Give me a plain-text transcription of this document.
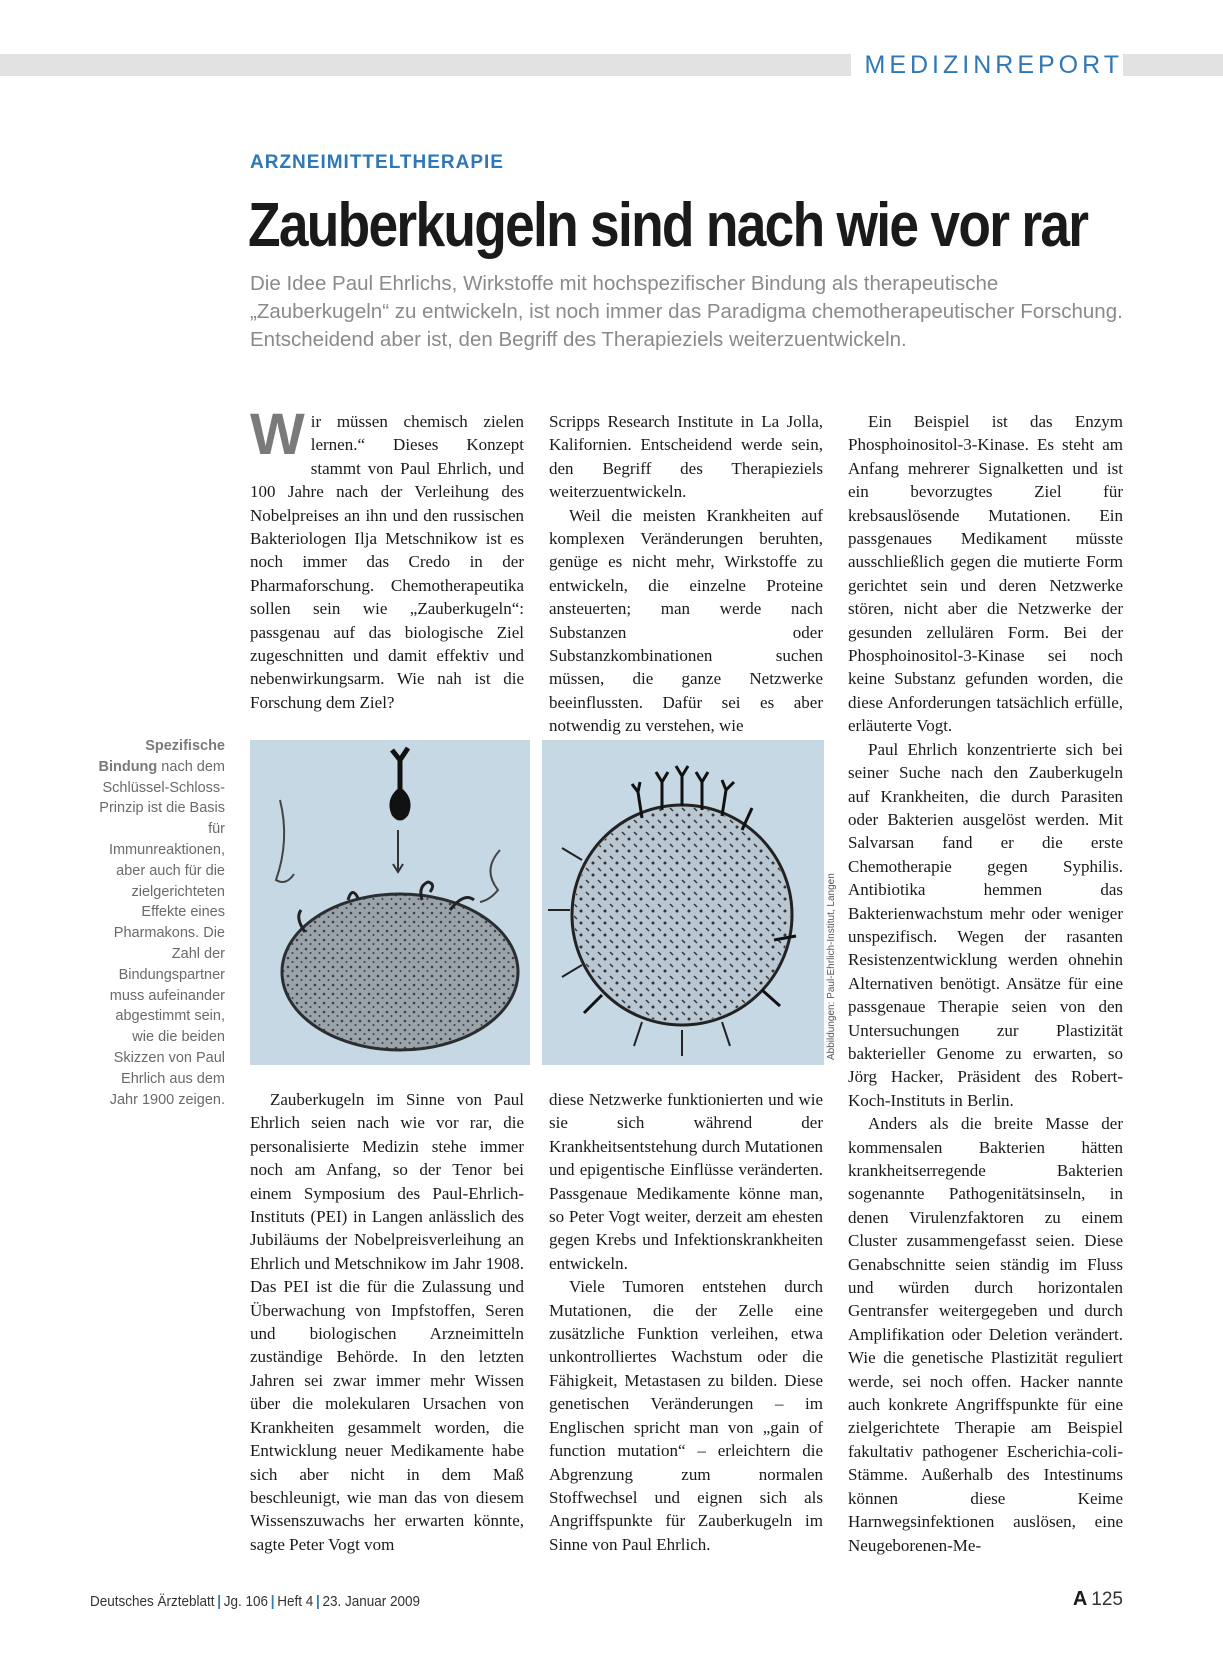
MEDIZINREPORT
ARZNEIMITTELTHERAPIE
Zauberkugeln sind nach wie vor rar

Die Idee Paul Ehrlichs, Wirkstoffe mit hochspezifischer Bindung als therapeutische „Zauberkugeln“ zu entwickeln, ist noch immer das Paradigma chemotherapeutischer Forschung. Entscheidend aber ist, den Begriff des Therapieziels weiterzuentwickeln.

Wir müssen chemisch zielen lernen.“ Dieses Konzept stammt von Paul Ehrlich, und 100 Jahre nach der Verleihung des Nobelpreises an ihn und den russischen Bakteriologen Ilja Metschnikow ist es noch immer das Credo in der Pharmaforschung. Chemotherapeutika sollen sein wie „Zauberkugeln“: passgenau auf das biologische Ziel zugeschnitten und damit effektiv und nebenwirkungsarm. Wie nah ist die Forschung dem Ziel?

Scripps Research Institute in La Jolla, Kalifornien. Entscheidend werde sein, den Begriff des Therapieziels weiterzuentwickeln.

Weil die meisten Krankheiten auf komplexen Veränderungen beruhten, genüge es nicht mehr, Wirkstoffe zu entwickeln, die einzelne Proteine ansteuerten; man werde nach Substanzen oder Substanzkombinationen suchen müssen, die ganze Netzwerke beeinflussten. Dafür sei es aber notwendig zu verstehen, wie

Ein Beispiel ist das Enzym Phosphoinositol-3-Kinase. Es steht am Anfang mehrerer Signalketten und ist ein bevorzugtes Ziel für krebsauslösende Mutationen. Ein passgenaues Medikament müsste ausschließlich gegen die mutierte Form gerichtet sein und deren Netzwerke stören, nicht aber die Netzwerke der gesunden zellulären Form. Bei der Phosphoinositol-3-Kinase sei noch keine Substanz gefunden worden, die diese Anforderungen tatsächlich erfülle, erläuterte Vogt.

Paul Ehrlich konzentrierte sich bei seiner Suche nach den Zauberkugeln auf Krankheiten, die durch Parasiten oder Bakterien ausgelöst werden. Mit Salvarsan fand er die erste Chemotherapie gegen Syphilis. Antibiotika hemmen das Bakterienwachstum mehr oder weniger unspezifisch. Wegen der rasanten Resistenzentwicklung werden ohnehin Alternativen benötigt. Ansätze für eine passgenaue Therapie seien von den Untersuchungen zur Plastizität bakterieller Genome zu erwarten, so Jörg Hacker, Präsident des Robert-Koch-Instituts in Berlin.

Anders als die breite Masse der kommensalen Bakterien hätten krankheitserregende Bakterien sogenannte Pathogenitätsinseln, in denen Virulenzfaktoren zu einem Cluster zusammengefasst seien. Diese Genabschnitte seien ständig im Fluss und würden durch horizontalen Gentransfer weitergegeben und durch Amplifikation oder Deletion verändert. Wie die genetische Plastizität reguliert werde, sei noch offen. Hacker nannte auch konkrete Angriffspunkte für eine zielgerichtete Therapie am Beispiel fakultativ pathogener Escherichia-coli-Stämme. Außerhalb des Intestinums können diese Keime Harnwegsinfektionen auslösen, eine Neugeborenen-Me-

Spezifische Bindung nach dem Schlüssel-Schloss-Prinzip ist die Basis für Immunreaktionen, aber auch für die zielgerichteten Effekte eines Pharmakons. Die Zahl der Bindungspartner muss aufeinander abgestimmt sein, wie die beiden Skizzen von Paul Ehrlich aus dem Jahr 1900 zeigen.
Abbildungen: Paul-Ehrlich-Institut, Langen

Zauberkugeln im Sinne von Paul Ehrlich seien nach wie vor rar, die personalisierte Medizin stehe immer noch am Anfang, so der Tenor bei einem Symposium des Paul-Ehrlich-Instituts (PEI) in Langen anlässlich des Jubiläums der Nobelpreisverleihung an Ehrlich und Metschnikow im Jahr 1908. Das PEI ist die für die Zulassung und Überwachung von Impfstoffen, Seren und biologischen Arzneimitteln zuständige Behörde. In den letzten Jahren sei zwar immer mehr Wissen über die molekularen Ursachen von Krankheiten gesammelt worden, die Entwicklung neuer Medikamente habe sich aber nicht in dem Maß beschleunigt, wie man das von diesem Wissenszuwachs her erwarten könnte, sagte Peter Vogt vom

diese Netzwerke funktionierten und wie sie sich während der Krankheitsentstehung durch Mutationen und epigentische Einflüsse veränderten. Passgenaue Medikamente könne man, so Peter Vogt weiter, derzeit am ehesten gegen Krebs und Infektionskrankheiten entwickeln.

Viele Tumoren entstehen durch Mutationen, die der Zelle eine zusätzliche Funktion verleihen, etwa unkontrolliertes Wachstum oder die Fähigkeit, Metastasen zu bilden. Diese genetischen Veränderungen – im Englischen spricht man von „gain of function mutation“ – erleichtern die Abgrenzung zum normalen Stoffwechsel und eignen sich als Angriffspunkte für Zauberkugeln im Sinne von Paul Ehrlich.

Deutsches Ärzteblatt | Jg. 106 | Heft 4 | 23. Januar 2009	A 125
